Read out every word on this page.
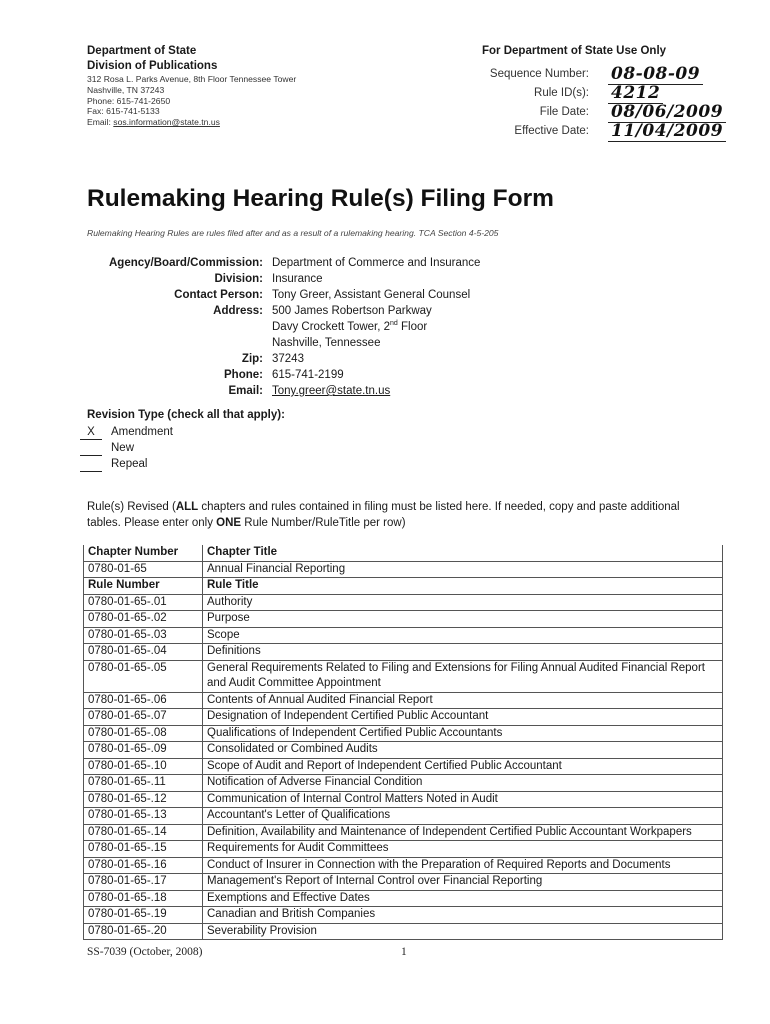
Department of State
Division of Publications
312 Rosa L. Parks Avenue, 8th Floor Tennessee Tower
Nashville, TN 37243
Phone: 615-741-2650
Fax: 615-741-5133
Email: sos.information@state.tn.us
For Department of State Use Only
Sequence Number: 08-08-09
Rule ID(s): 4212
File Date: 08/06/2009
Effective Date: 11/04/2009
Rulemaking Hearing Rule(s) Filing Form
Rulemaking Hearing Rules are rules filed after and as a result of a rulemaking hearing. TCA Section 4-5-205
Agency/Board/Commission: Department of Commerce and Insurance
Division: Insurance
Contact Person: Tony Greer, Assistant General Counsel
Address: 500 James Robertson Parkway
Davy Crockett Tower, 2nd Floor
Nashville, Tennessee
Zip: 37243
Phone: 615-741-2199
Email: Tony.greer@state.tn.us
Revision Type (check all that apply):
X	Amendment
New
Repeal
Rule(s) Revised (ALL chapters and rules contained in filing must be listed here. If needed, copy and paste additional tables. Please enter only ONE Rule Number/RuleTitle per row)
Chapter Number	Chapter Title
0780-01-65	Annual Financial Reporting
Rule Number	Rule Title
0780-01-65-.01	Authority
0780-01-65-.02	Purpose
0780-01-65-.03	Scope
0780-01-65-.04	Definitions
0780-01-65-.05	General Requirements Related to Filing and Extensions for Filing Annual Audited Financial Report and Audit Committee Appointment
0780-01-65-.06	Contents of Annual Audited Financial Report
0780-01-65-.07	Designation of Independent Certified Public Accountant
0780-01-65-.08	Qualifications of Independent Certified Public Accountants
0780-01-65-.09	Consolidated or Combined Audits
0780-01-65-.10	Scope of Audit and Report of Independent Certified Public Accountant
0780-01-65-.11	Notification of Adverse Financial Condition
0780-01-65-.12	Communication of Internal Control Matters Noted in Audit
0780-01-65-.13	Accountant's Letter of Qualifications
0780-01-65-.14	Definition, Availability and Maintenance of Independent Certified Public Accountant Workpapers
0780-01-65-.15	Requirements for Audit Committees
0780-01-65-.16	Conduct of Insurer in Connection with the Preparation of Required Reports and Documents
0780-01-65-.17	Management's Report of Internal Control over Financial Reporting
0780-01-65-.18	Exemptions and Effective Dates
0780-01-65-.19	Canadian and British Companies
0780-01-65-.20	Severability Provision
SS-7039 (October, 2008)	1
